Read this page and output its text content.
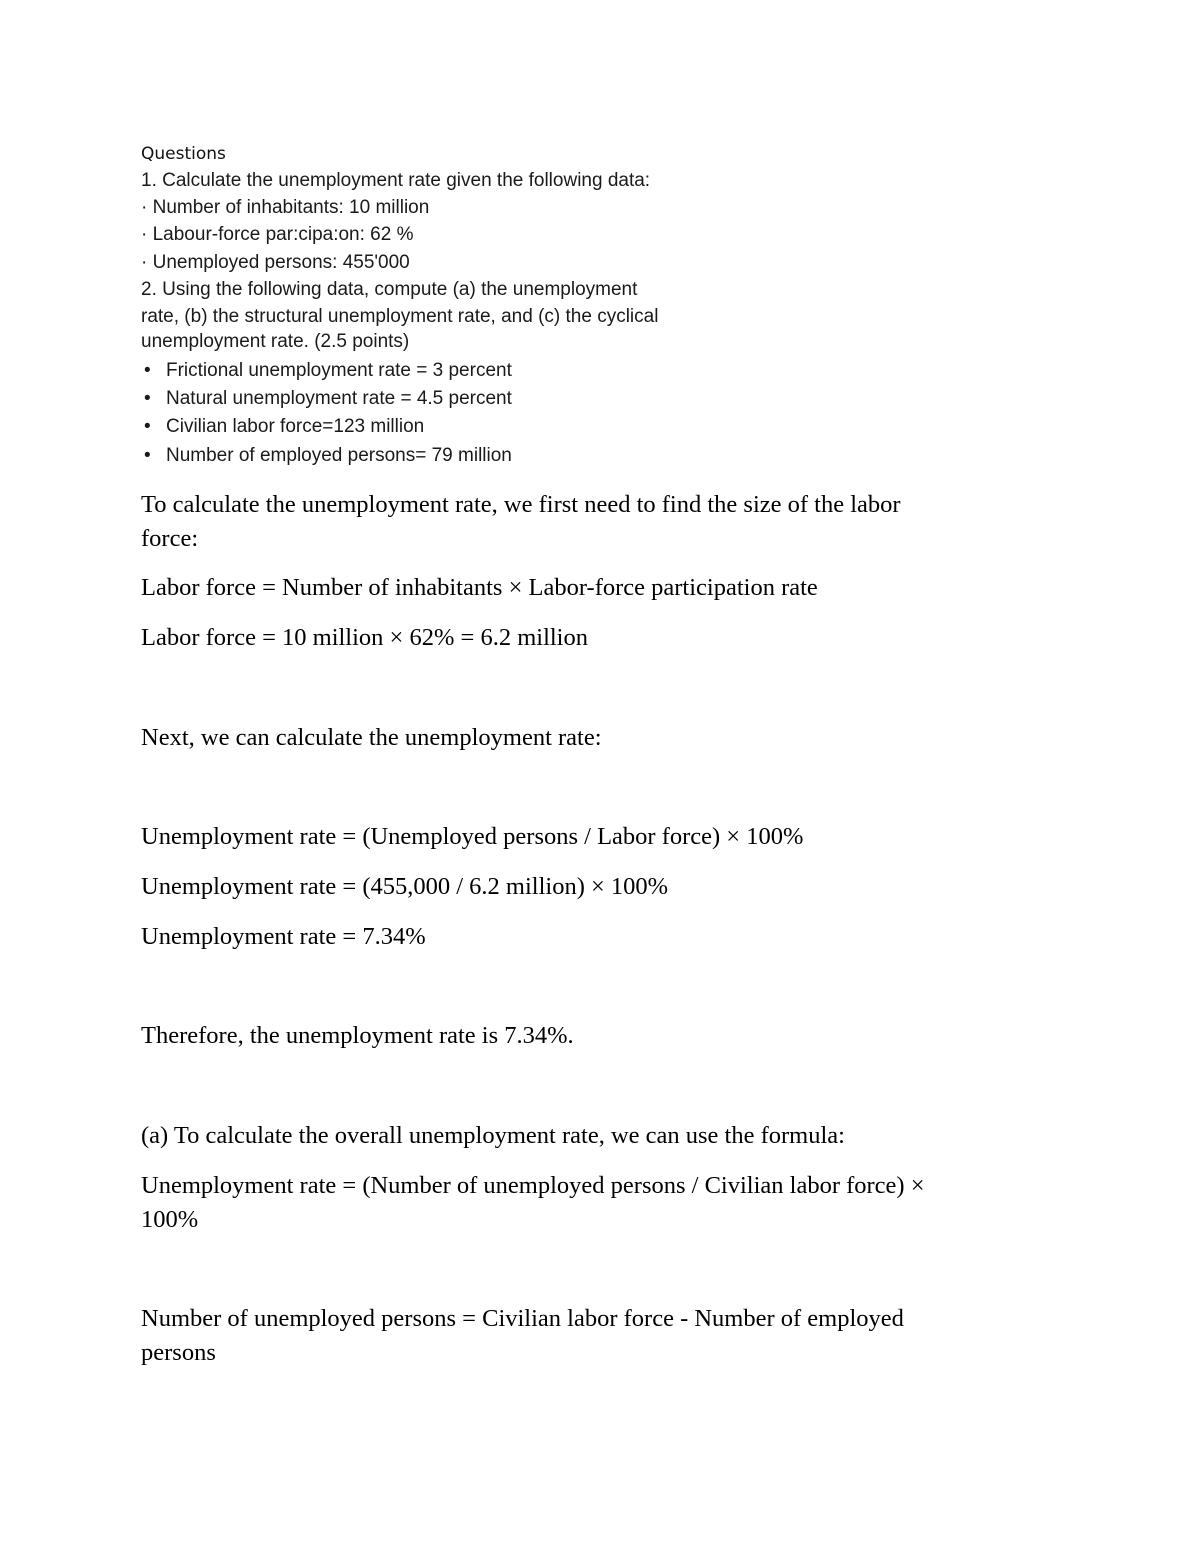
Questions
1. Calculate the unemployment rate given the following data:
· Number of inhabitants: 10 million
· Labour-force par:cipa:on: 62 %
· Unemployed persons: 455'000
2. Using the following data, compute (a) the unemployment
rate, (b) the structural unemployment rate, and (c) the cyclical
unemployment rate. (2.5 points)
• Frictional unemployment rate = 3 percent
• Natural unemployment rate = 4.5 percent
• Civilian labor force=123 million
• Number of employed persons= 79 million
To calculate the unemployment rate, we first need to find the size of the labor
force:
Labor force = Number of inhabitants × Labor-force participation rate
Labor force = 10 million × 62% = 6.2 million
Next, we can calculate the unemployment rate:
Unemployment rate = (Unemployed persons / Labor force) × 100%
Unemployment rate = (455,000 / 6.2 million) × 100%
Unemployment rate = 7.34%
Therefore, the unemployment rate is 7.34%.
(a) To calculate the overall unemployment rate, we can use the formula:
Unemployment rate = (Number of unemployed persons / Civilian labor force) ×
100%
Number of unemployed persons = Civilian labor force - Number of employed
persons
